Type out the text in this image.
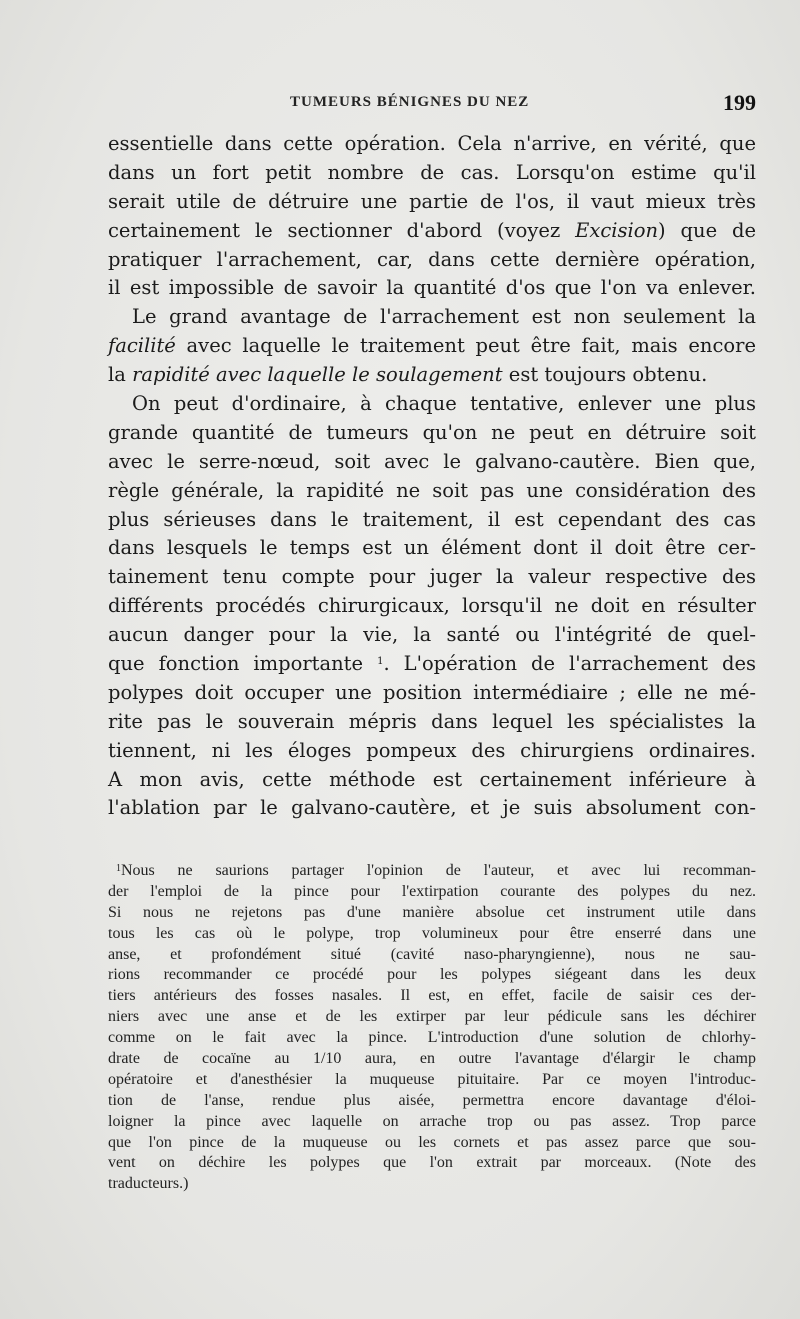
TUMEURS BÉNIGNES DU NEZ	199
essentielle dans cette opération. Cela n'arrive, en vérité, que
dans un fort petit nombre de cas. Lorsqu'on estime qu'il
serait utile de détruire une partie de l'os, il vaut mieux très
certainement le sectionner d'abord (voyez Excision) que de
pratiquer l'arrachement, car, dans cette dernière opération,
il est impossible de savoir la quantité d'os que l'on va enlever.
Le grand avantage de l'arrachement est non seulement la
facilité avec laquelle le traitement peut être fait, mais encore
la rapidité avec laquelle le soulagement est toujours obtenu.
On peut d'ordinaire, à chaque tentative, enlever une plus
grande quantité de tumeurs qu'on ne peut en détruire soit
avec le serre-nœud, soit avec le galvano-cautère. Bien que,
règle générale, la rapidité ne soit pas une considération des
plus sérieuses dans le traitement, il est cependant des cas
dans lesquels le temps est un élément dont il doit être cer-
tainement tenu compte pour juger la valeur respective des
différents procédés chirurgicaux, lorsqu'il ne doit en résulter
aucun danger pour la vie, la santé ou l'intégrité de quel-
que fonction importante $^1$. L'opération de l'arrachement des
polypes doit occuper une position intermédiaire ; elle ne mé-
rite pas le souverain mépris dans lequel les spécialistes la
tiennent, ni les éloges pompeux des chirurgiens ordinaires.
A mon avis, cette méthode est certainement inférieure à
l'ablation par le galvano-cautère, et je suis absolument con-
$^1$Nous ne saurions partager l'opinion de l'auteur, et avec lui recomman-
der l'emploi de la pince pour l'extirpation courante des polypes du nez.
Si nous ne rejetons pas d'une manière absolue cet instrument utile dans
tous les cas où le polype, trop volumineux pour être enserré dans une
anse, et profondément situé (cavité naso-pharyngienne), nous ne sau-
rions recommander ce procédé pour les polypes siégeant dans les deux
tiers antérieurs des fosses nasales. Il est, en effet, facile de saisir ces der-
niers avec une anse et de les extirper par leur pédicule sans les déchirer
comme on le fait avec la pince. L'introduction d'une solution de chlorhy-
drate de cocaïne au 1/10 aura, en outre l'avantage d'élargir le champ
opératoire et d'anesthésier la muqueuse pituitaire. Par ce moyen l'introduc-
tion de l'anse, rendue plus aisée, permettra encore davantage d'éloi-
loigner la pince avec laquelle on arrache trop ou pas assez. Trop parce
que l'on pince de la muqueuse ou les cornets et pas assez parce que sou-
vent on déchire les polypes que l'on extrait par morceaux. (Note des
traducteurs.)
